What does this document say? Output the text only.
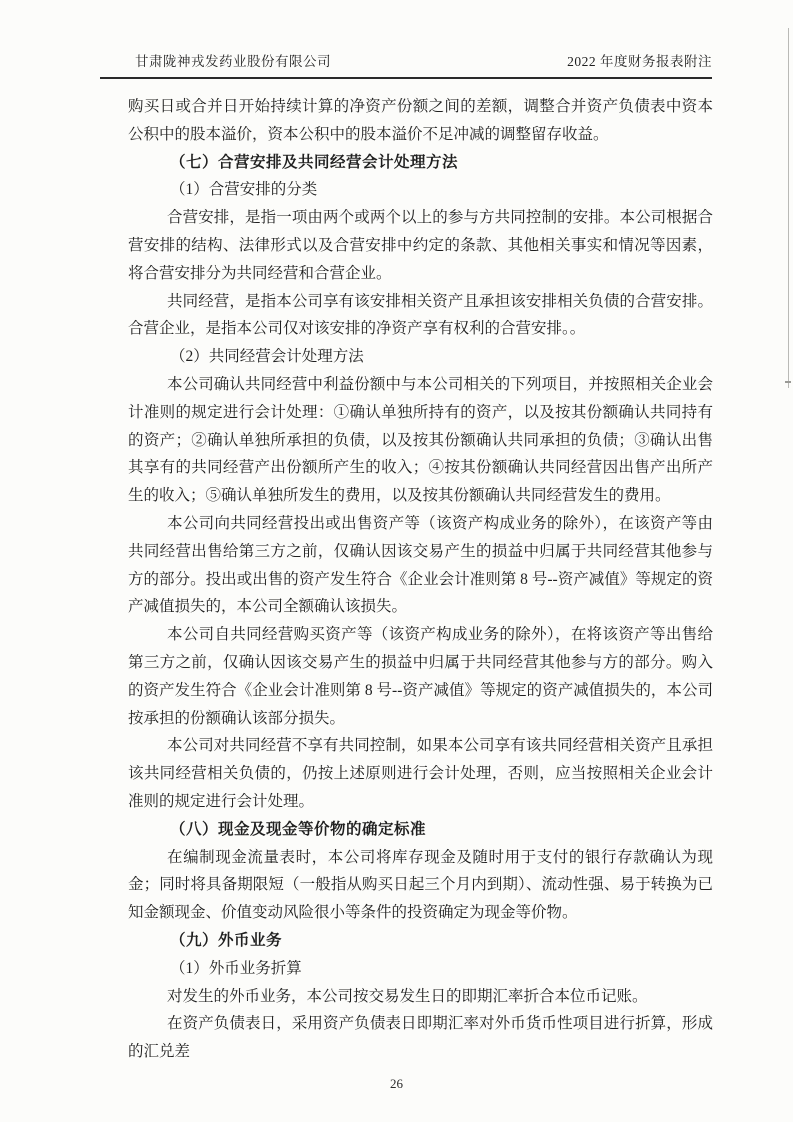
甘肃陇神戎发药业股份有限公司	2022 年度财务报表附注

购买日或合并日开始持续计算的净资产份额之间的差额，调整合并资产负债表中资本公积中的股本溢价，资本公积中的股本溢价不足冲减的调整留存收益。

（七）合营安排及共同经营会计处理方法

（1）合营安排的分类

合营安排，是指一项由两个或两个以上的参与方共同控制的安排。本公司根据合营安排的结构、法律形式以及合营安排中约定的条款、其他相关事实和情况等因素，将合营安排分为共同经营和合营企业。

共同经营，是指本公司享有该安排相关资产且承担该安排相关负债的合营安排。合营企业，是指本公司仅对该安排的净资产享有权利的合营安排。。

（2）共同经营会计处理方法

本公司确认共同经营中利益份额中与本公司相关的下列项目，并按照相关企业会计准则的规定进行会计处理：①确认单独所持有的资产，以及按其份额确认共同持有的资产；②确认单独所承担的负债，以及按其份额确认共同承担的负债；③确认出售其享有的共同经营产出份额所产生的收入；④按其份额确认共同经营因出售产出所产生的收入；⑤确认单独所发生的费用，以及按其份额确认共同经营发生的费用。

本公司向共同经营投出或出售资产等（该资产构成业务的除外），在该资产等由共同经营出售给第三方之前，仅确认因该交易产生的损益中归属于共同经营其他参与方的部分。投出或出售的资产发生符合《企业会计准则第 8 号--资产减值》等规定的资产减值损失的，本公司全额确认该损失。

本公司自共同经营购买资产等（该资产构成业务的除外），在将该资产等出售给第三方之前，仅确认因该交易产生的损益中归属于共同经营其他参与方的部分。购入的资产发生符合《企业会计准则第 8 号--资产减值》等规定的资产减值损失的，本公司按承担的份额确认该部分损失。

本公司对共同经营不享有共同控制，如果本公司享有该共同经营相关资产且承担该共同经营相关负债的，仍按上述原则进行会计处理，否则，应当按照相关企业会计准则的规定进行会计处理。

（八）现金及现金等价物的确定标准

在编制现金流量表时，本公司将库存现金及随时用于支付的银行存款确认为现金；同时将具备期限短（一般指从购买日起三个月内到期）、流动性强、易于转换为已知金额现金、价值变动风险很小等条件的投资确定为现金等价物。

（九）外币业务

（1）外币业务折算

对发生的外币业务，本公司按交易发生日的即期汇率折合本位币记账。

在资产负债表日，采用资产负债表日即期汇率对外币货币性项目进行折算，形成的汇兑差

26
